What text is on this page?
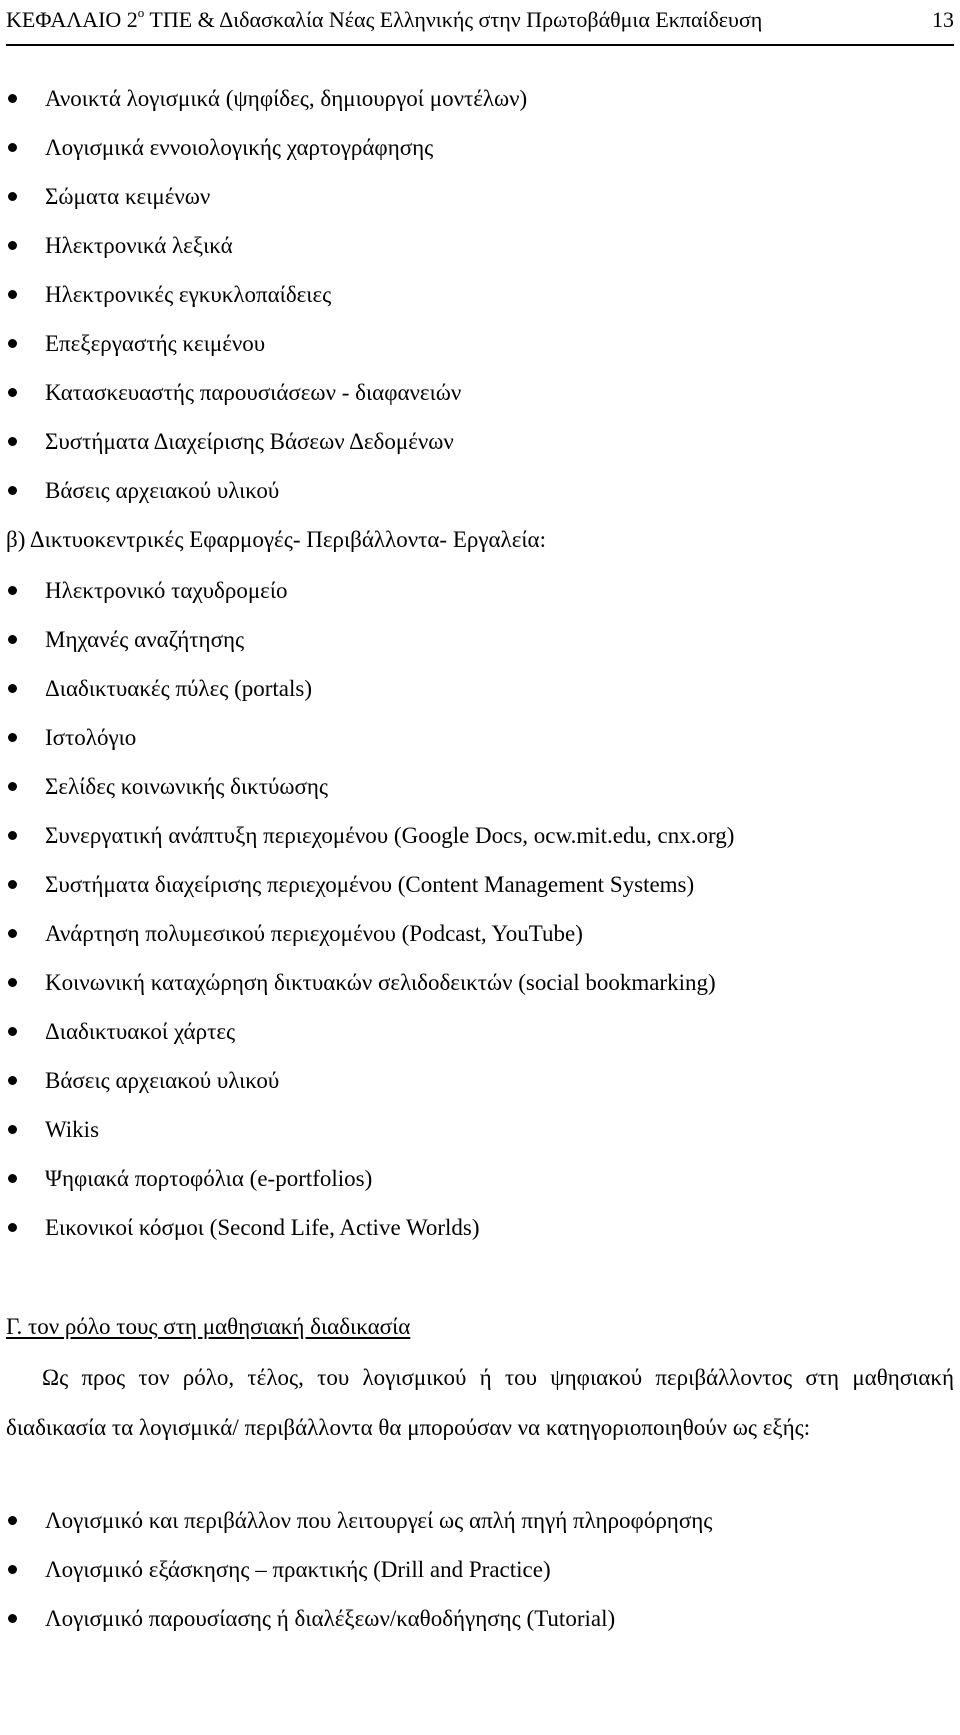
ΚΕΦΑΛΑΙΟ $2^o$ ΤΠΕ & Διδασκαλία Νέας Ελληνικής στην Πρωτοβάθμια Εκπαίδευση	13
Ανοικτά λογισμικά (ψηφίδες, δημιουργοί μοντέλων)
Λογισμικά εννοιολογικής χαρτογράφησης
Σώματα κειμένων
Ηλεκτρονικά λεξικά
Ηλεκτρονικές εγκυκλοπαίδειες
Επεξεργαστής κειμένου
Κατασκευαστής παρουσιάσεων - διαφανειών
Συστήματα Διαχείρισης Βάσεων Δεδομένων
Βάσεις αρχειακού υλικού
β) Δικτυοκεντρικές Εφαρμογές- Περιβάλλοντα- Εργαλεία:
Ηλεκτρονικό ταχυδρομείο
Μηχανές αναζήτησης
Διαδικτυακές πύλες (portals)
Ιστολόγιο
Σελίδες κοινωνικής δικτύωσης
Συνεργατική ανάπτυξη περιεχομένου (Google Docs, ocw.mit.edu, cnx.org)
Συστήματα διαχείρισης περιεχομένου (Content Management Systems)
Ανάρτηση πολυμεσικού περιεχομένου (Podcast, YouTube)
Κοινωνική καταχώρηση δικτυακών σελιδοδεικτών (social bookmarking)
Διαδικτυακοί χάρτες
Βάσεις αρχειακού υλικού
Wikis
Ψηφιακά πορτοφόλια (e-portfolios)
Εικονικοί κόσμοι (Second Life, Active Worlds)
Γ. τον ρόλο τους στη μαθησιακή διαδικασία
Ως προς τον ρόλο, τέλος, του λογισμικού ή του ψηφιακού περιβάλλοντος στη μαθησιακή διαδικασία τα λογισμικά/ περιβάλλοντα θα μπορούσαν να κατηγοριοποιηθούν ως εξής:
Λογισμικό και περιβάλλον που λειτουργεί ως απλή πηγή πληροφόρησης
Λογισμικό εξάσκησης – πρακτικής (Drill and Practice)
Λογισμικό παρουσίασης ή διαλέξεων/καθοδήγησης (Tutorial)
